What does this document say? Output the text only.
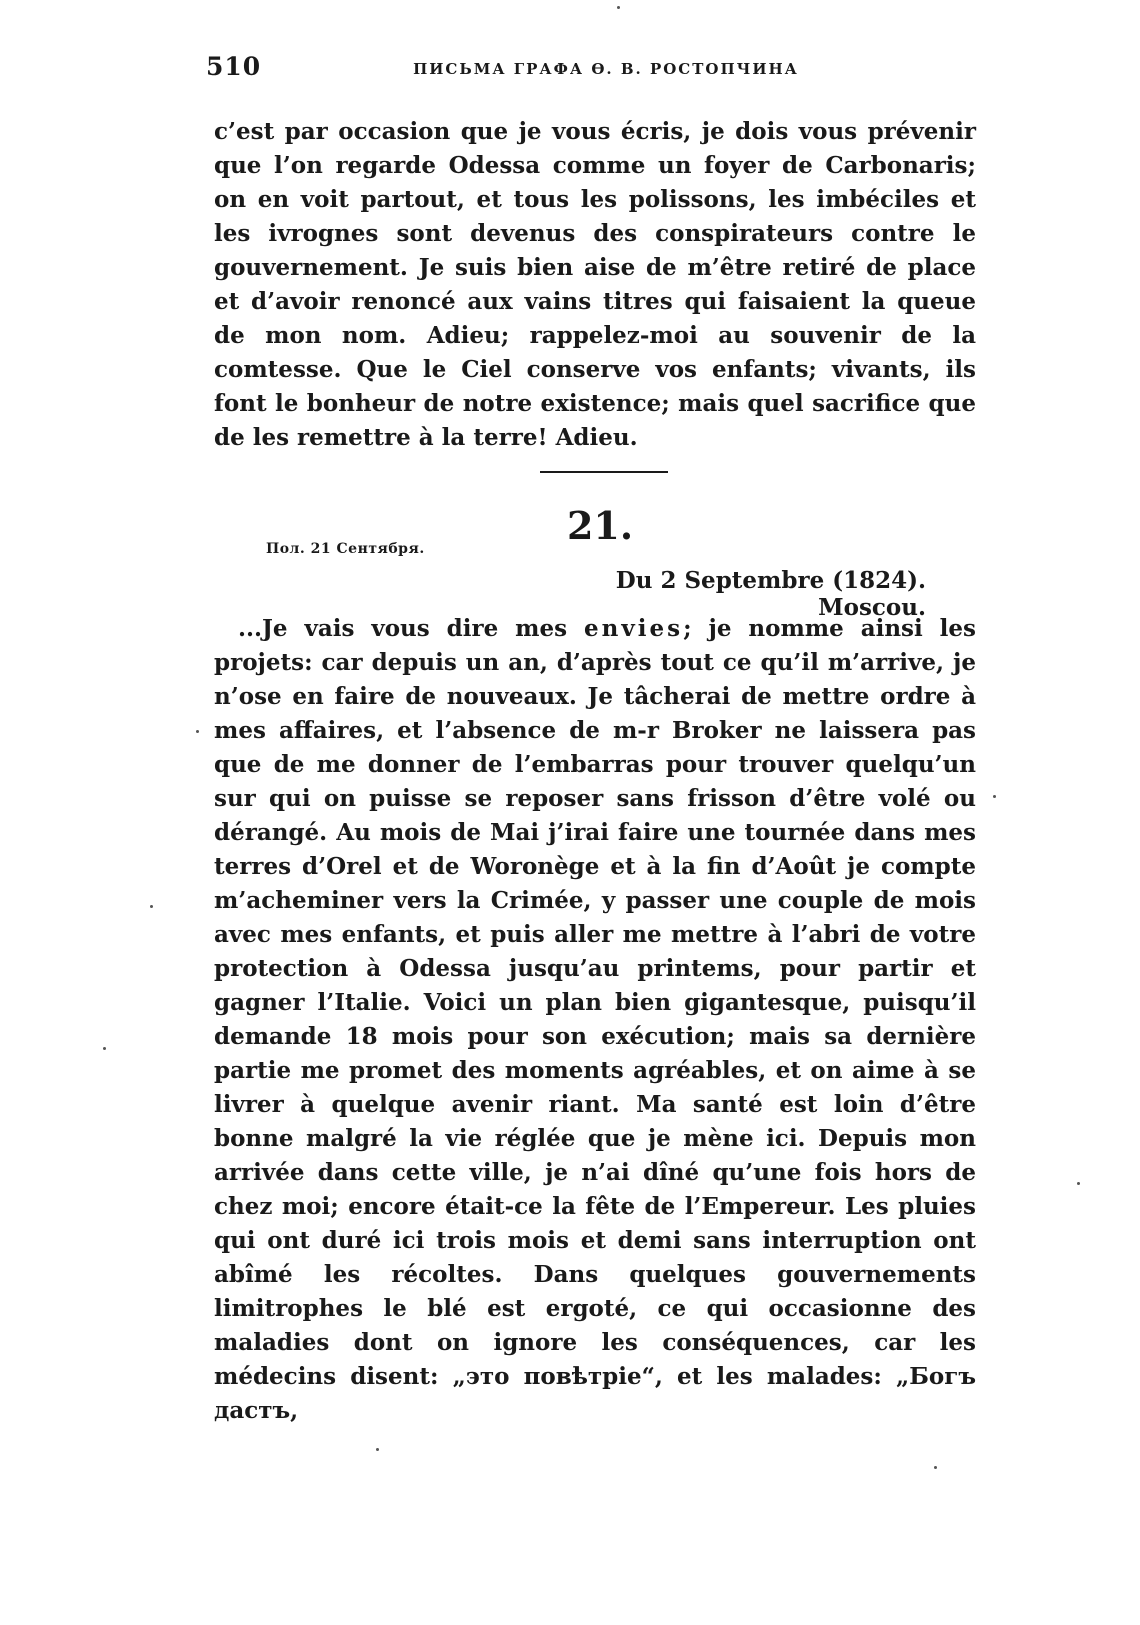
510	ПИСЬМА ГРАФА Ѳ. В. РОСТОПЧИНА

c’est par occasion que je vous écris, je dois vous prévenir que l’on regarde Odessa comme un foyer de Carbonaris; on en voit partout, et tous les polissons, les imbéciles et les ivrognes sont devenus des conspirateurs contre le gouvernement. Je suis bien aise de m’être retiré de place et d’avoir renoncé aux vains titres qui faisaient la queue de mon nom. Adieu; rappelez-moi au souvenir de la comtesse. Que le Ciel conserve vos enfants; vivants, ils font le bonheur de notre existence; mais quel sacrifice que de les remettre à la terre! Adieu.

21.
Пол. 21 Сентября.
Du 2 Septembre (1824). Moscou.

...Je vais vous dire mes envies; je nomme ainsi les projets: car depuis un an, d’après tout ce qu’il m’arrive, je n’ose en faire de nouveaux. Je tâcherai de mettre ordre à mes affaires, et l’absence de m-r Broker ne laissera pas que de me donner de l’embarras pour trouver quelqu’un sur qui on puisse se reposer sans frisson d’être volé ou dérangé. Au mois de Mai j’irai faire une tournée dans mes terres d’Orel et de Woronège et à la fin d’Août je compte m’acheminer vers la Crimée, y passer une couple de mois avec mes enfants, et puis aller me mettre à l’abri de votre protection à Odessa jusqu’au printems, pour partir et gagner l’Italie. Voici un plan bien gigantesque, puisqu’il demande 18 mois pour son exécution; mais sa dernière partie me promet des moments agréables, et on aime à se livrer à quelque avenir riant. Ma santé est loin d’être bonne malgré la vie réglée que je mène ici. Depuis mon arrivée dans cette ville, je n’ai dîné qu’une fois hors de chez moi; encore était-ce la fête de l’Empereur. Les pluies qui ont duré ici trois mois et demi sans interruption ont abîmé les récoltes. Dans quelques gouvernements limitrophes le blé est ergoté, ce qui occasionne des maladies dont on ignore les conséquences, car les médecins disent: „это повѣтріе“, et les malades: „Богъ дастъ,
